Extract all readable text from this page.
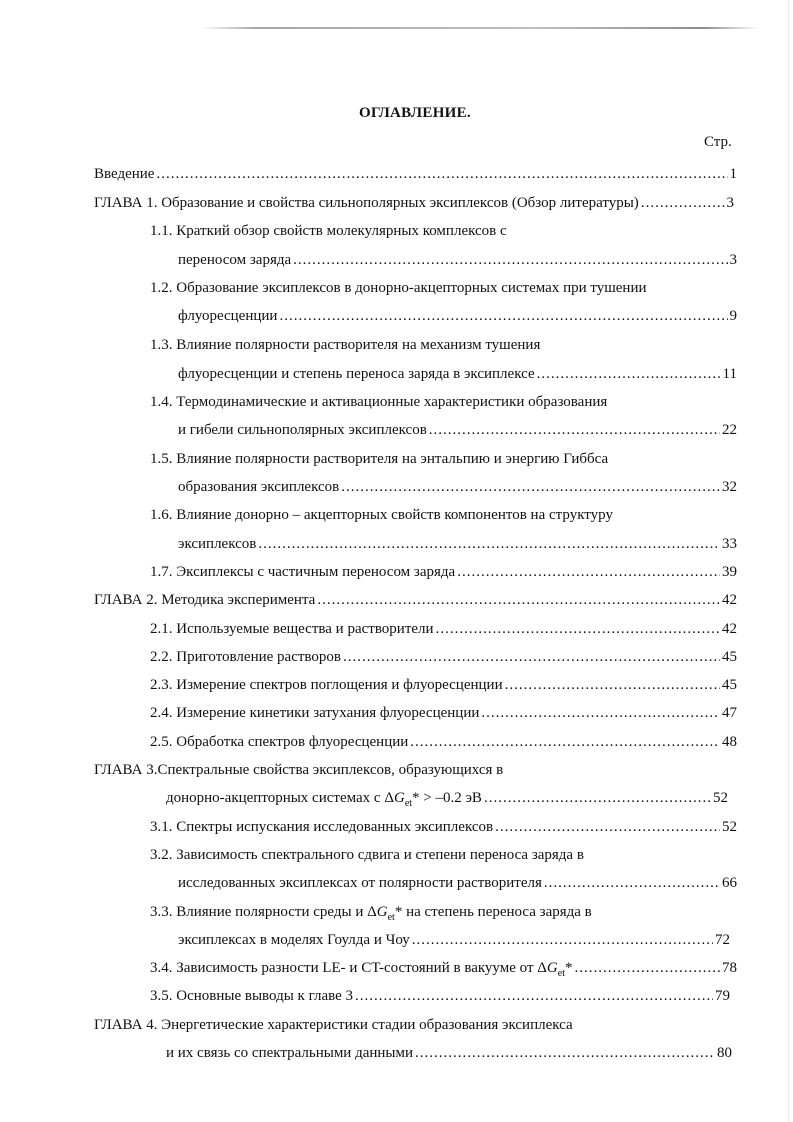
ОГЛАВЛЕНИЕ.
Стр.
Введение .....	1
ГЛАВА 1. Образование и свойства сильнополярных эксиплексов (Обзор литературы) .....	3
1.1. Краткий обзор свойств молекулярных комплексов с
переносом заряда .....	3
1.2. Образование эксиплексов в донорно-акцепторных системах при тушении
флуоресценции .....	9
1.3. Влияние полярности растворителя на механизм тушения
флуоресценции и степень переноса заряда в эксиплексе .....	11
1.4. Термодинамические и активационные характеристики образования
и гибели сильнополярных эксиплексов .....	22
1.5. Влияние полярности растворителя на энтальпию и энергию Гиббса
образования эксиплексов .....	32
1.6. Влияние донорно – акцепторных свойств компонентов на структуру
эксиплексов .....	33
1.7. Эксиплексы с частичным переносом заряда .....	39
ГЛАВА 2. Методика эксперимента .....	42
2.1. Используемые вещества и растворители .....	42
2.2. Приготовление растворов .....	45
2.3. Измерение спектров поглощения и флуоресценции .....	45
2.4. Измерение кинетики затухания флуоресценции .....	47
2.5. Обработка спектров флуоресценции .....	48
ГЛАВА 3.Спектральные свойства эксиплексов, образующихся в
донорно-акцепторных системах с $\Delta G_{et}* > -0.2$ эВ .....	52
3.1. Спектры испускания исследованных эксиплексов .....	52
3.2. Зависимость спектрального сдвига и степени переноса заряда в
исследованных эксиплексах от полярности растворителя .....	66
3.3. Влияние полярности среды и $\Delta G_{et}*$ на степень переноса заряда в
эксиплексах в моделях Гоулда и Чоу .....	72
3.4. Зависимость разности LE- и CT-состояний в вакууме от $\Delta G_{et}*$ .....	78
3.5. Основные выводы к главе 3 .....	79
ГЛАВА 4. Энергетические характеристики стадии образования эксиплекса
и их связь со спектральными данными .....	80
